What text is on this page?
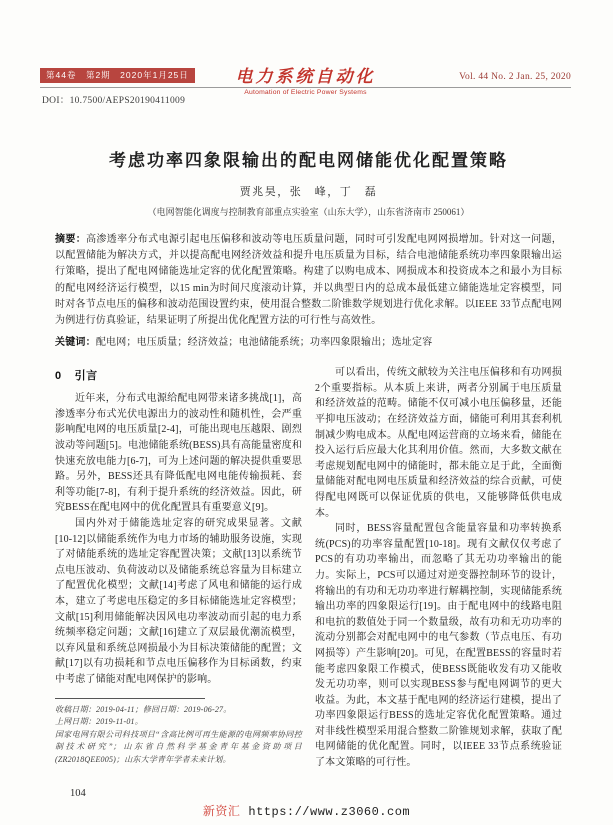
第44卷　第2期　2020年1月25日
DOI：10.7500/AEPS20190411009
电力系统自动化
Automation of Electric Power Systems
Vol. 44 No. 2 Jan. 25, 2020
考虑功率四象限输出的配电网储能优化配置策略
贾兆昊，张　峰，丁　磊
（电网智能化调度与控制教育部重点实验室（山东大学），山东省济南市 250061）

摘要：高渗透率分布式电源引起电压偏移和波动等电压质量问题，同时可引发配电网网损增加。针对这一问题，以配置储能为解决方式，并以提高配电网经济效益和提升电压质量为目标，结合电池储能系统功率四象限输出运行策略，提出了配电网储能选址定容的优化配置策略。构建了以购电成本、网损成本和投资成本之和最小为目标的配电网经济运行模型，以15 min为时间尺度滚动计算，并以典型日内的总成本最低建立储能选址定容模型，同时对各节点电压的偏移和波动范围设置约束，使用混合整数二阶锥数学规划进行优化求解。以IEEE 33节点配电网为例进行仿真验证，结果证明了所提出优化配置方法的可行性与高效性。

关键词：配电网；电压质量；经济效益；电池储能系统；功率四象限输出；选址定容

0 引言

近年来，分布式电源给配电网带来诸多挑战[1]，高渗透率分布式光伏电源出力的波动性和随机性，会严重影响配电网的电压质量[2-4]，可能出现电压越限、剧烈波动等问题[5]。电池储能系统(BESS)具有高能量密度和快速充放电能力[6-7]，可为上述问题的解决提供重要思路。另外，BESS还具有降低配电网电能传输损耗、套利等功能[7-8]，有利于提升系统的经济效益。因此，研究BESS在配电网中的优化配置具有重要意义[9]。

国内外对于储能选址定容的研究成果显著。文献[10-12]以储能系统作为电力市场的辅助服务设施，实现了对储能系统的选址定容配置决策；文献[13]以系统节点电压波动、负荷波动以及储能系统总容量为目标建立了配置优化模型；文献[14]考虑了风电和储能的运行成本，建立了考虑电压稳定的多目标储能选址定容模型；文献[15]利用储能解决因风电功率波动而引起的电力系统频率稳定问题；文献[16]建立了双层最优潮流模型，以弃风量和系统总网损最小为目标决策储能的配置；文献[17]以有功损耗和节点电压偏移作为目标函数，约束中考虑了储能对配电网保护的影响。

收稿日期：2019-04-11；修回日期：2019-06-27。

上网日期：2019-11-01。

国家电网有限公司科技项目“含高比例可再生能源的电网频率协同控制技术研究”；山东省自然科学基金青年基金资助项目(ZR2018QEE005)；山东大学青年学者未来计划。

可以看出，传统文献较为关注电压偏移和有功网损2个重要指标。从本质上来讲，两者分别属于电压质量和经济效益的范畴。储能不仅可减小电压偏移量，还能平抑电压波动；在经济效益方面，储能可利用其套利机制减少购电成本。从配电网运营商的立场来看，储能在投入运行后应最大化其利用价值。然而，大多数文献在考虑规划配电网中的储能时，都未能立足于此，全面衡量储能对配电网电压质量和经济效益的综合贡献，可使得配电网既可以保证优质的供电，又能够降低供电成本。

同时，BESS容量配置包含能量容量和功率转换系统(PCS)的功率容量配置[10-18]。现有文献仅仅考虑了PCS的有功功率输出，而忽略了其无功功率输出的能力。实际上，PCS可以通过对逆变器控制环节的设计，将输出的有功和无功功率进行解耦控制，实现储能系统输出功率的四象限运行[19]。由于配电网中的线路电阻和电抗的数值处于同一个数量级，故有功和无功功率的流动分别都会对配电网中的电气参数（节点电压、有功网损等）产生影响[20]。可见，在配置BESS的容量时若能考虑四象限工作模式，使BESS既能收发有功又能收发无功功率，则可以实现BESS参与配电网调节的更大收益。为此，本文基于配电网的经济运行建模，提出了功率四象限运行BESS的选址定容优化配置策略。通过对非线性模型采用混合整数二阶锥规划求解，获取了配电网储能的优化配置。同时，以IEEE 33节点系统验证了本文策略的可行性。

104
新资汇 https://www.z3060.com
